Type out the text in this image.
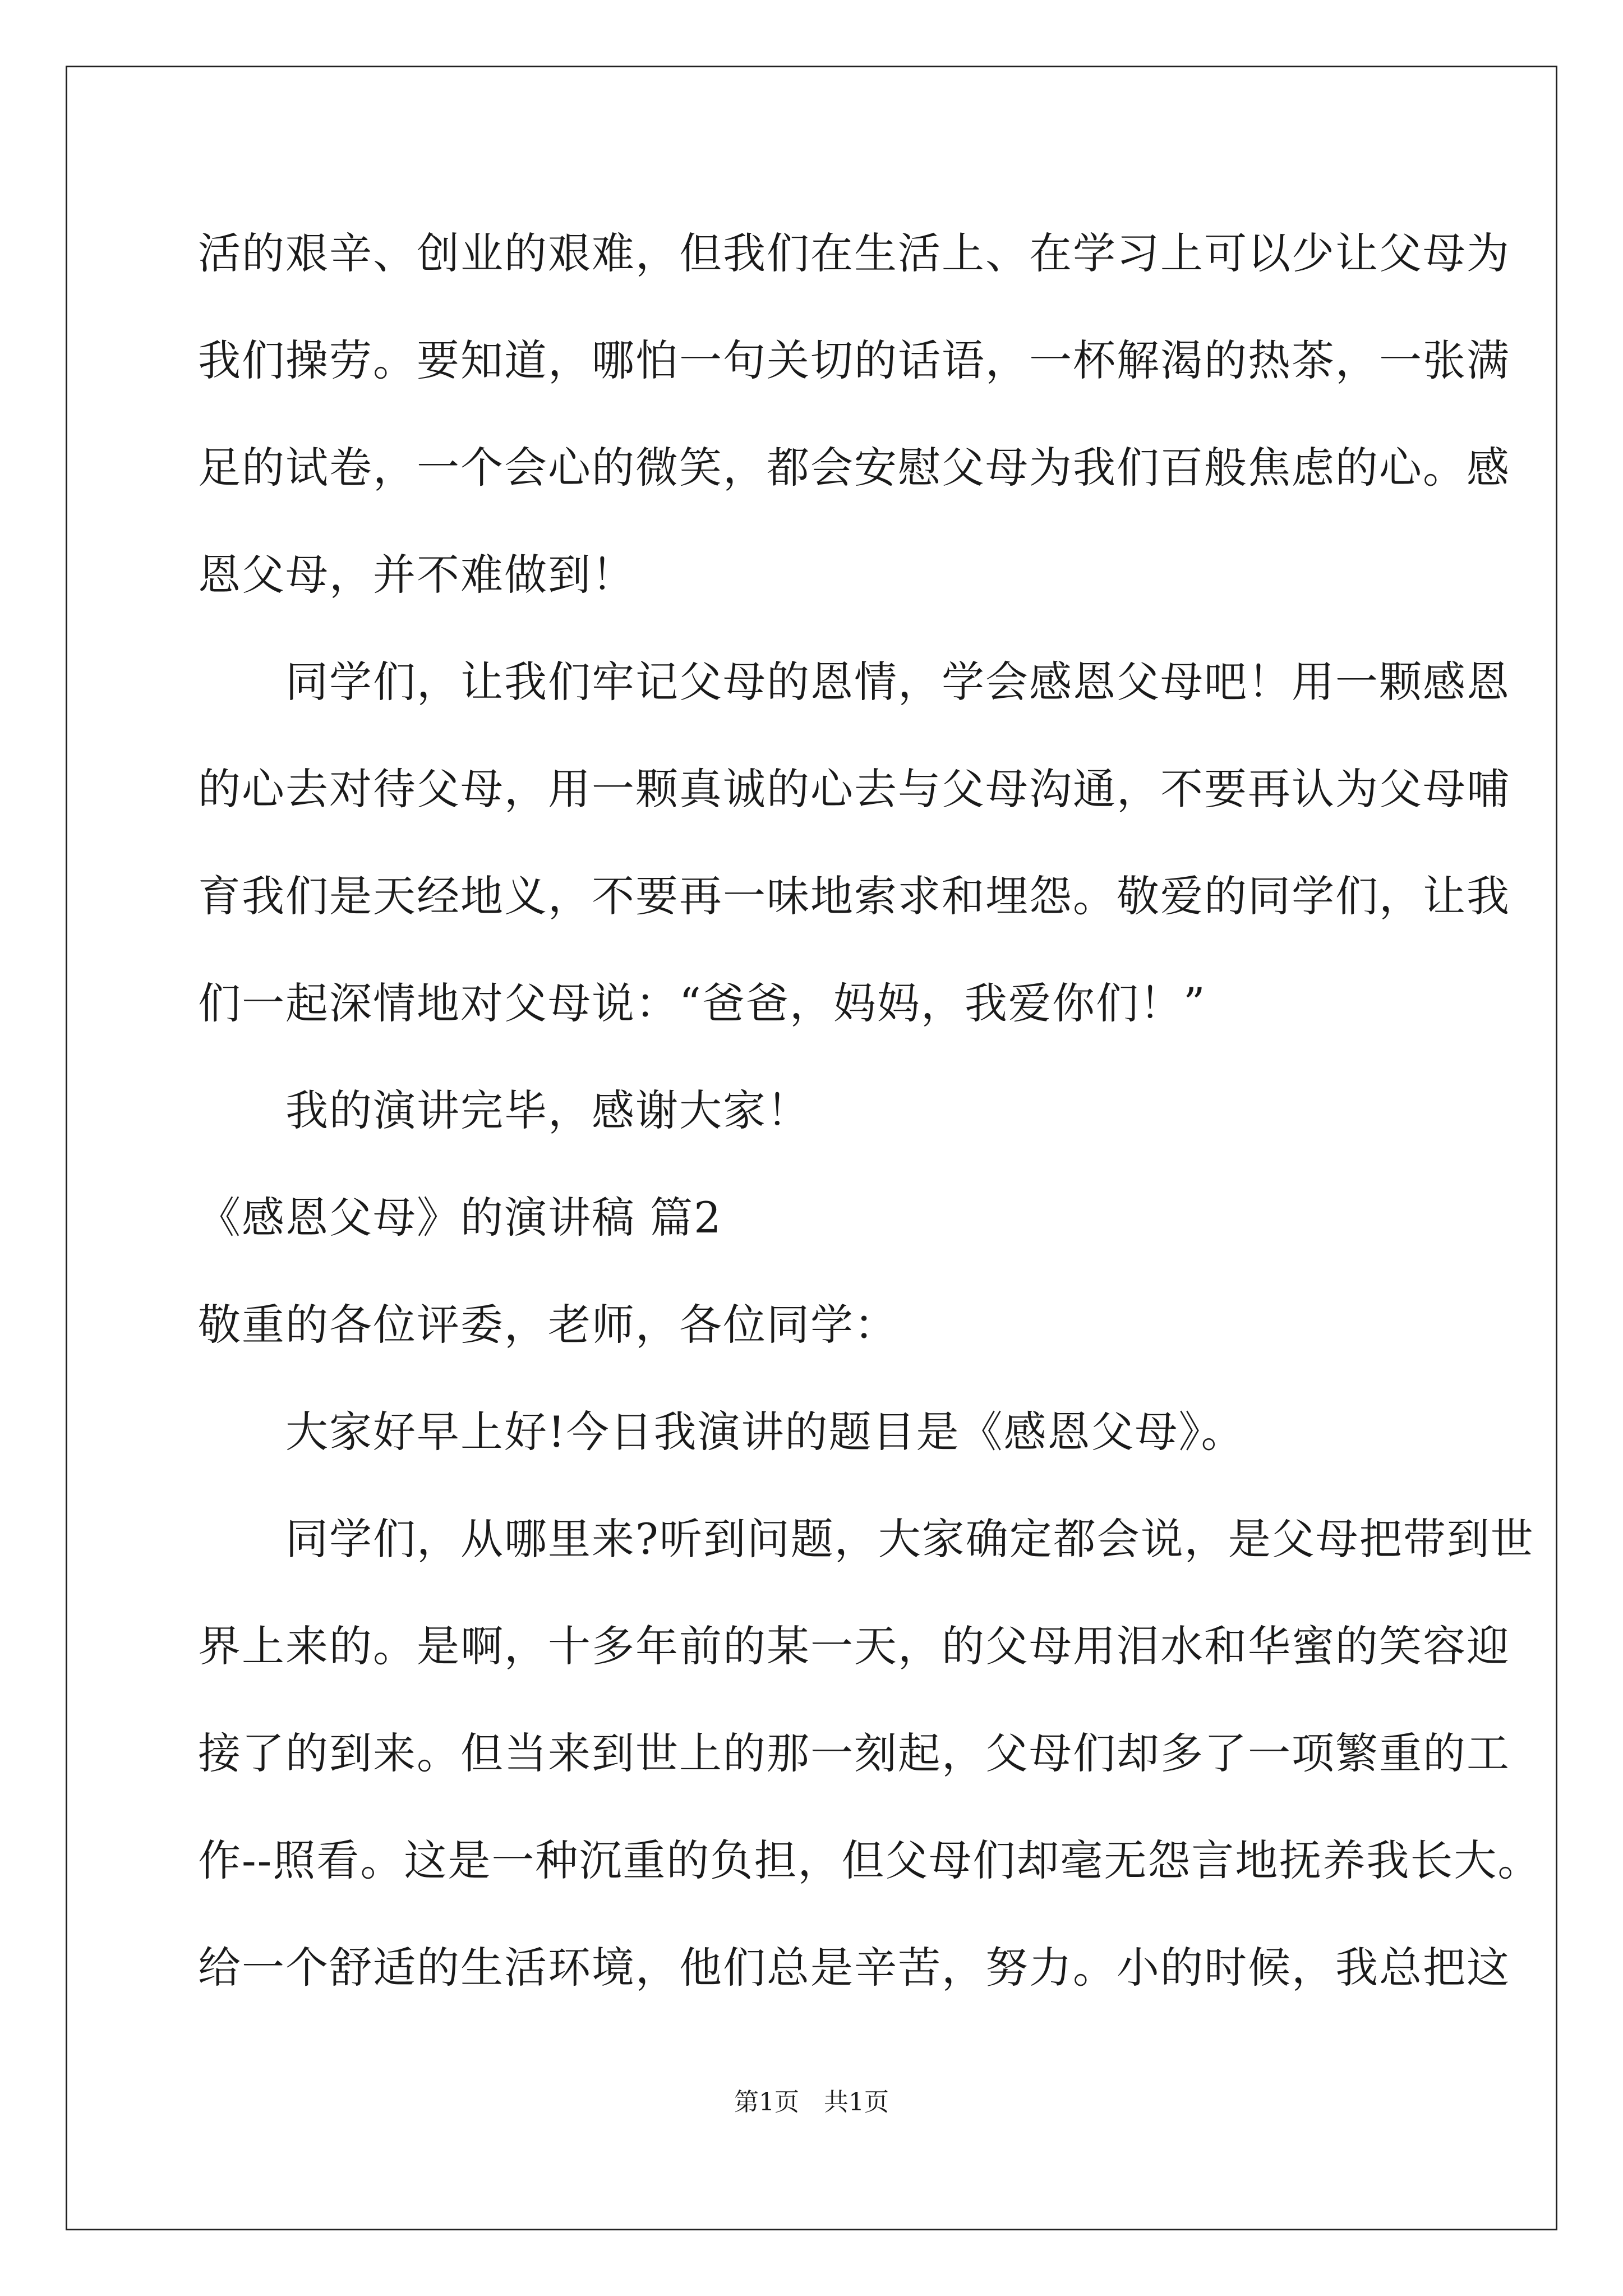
活的艰辛、创业的艰难，但我们在生活上、在学习上可以少让父母为
我们操劳。要知道，哪怕一句关切的话语，一杯解渴的热茶，一张满
足的试卷，一个会心的微笑，都会安慰父母为我们百般焦虑的心。感
恩父母，并不难做到！
　　同学们，让我们牢记父母的恩情，学会感恩父母吧！用一颗感恩
的心去对待父母，用一颗真诚的心去与父母沟通，不要再认为父母哺
育我们是天经地义，不要再一味地索求和埋怨。敬爱的同学们，让我
们一起深情地对父母说：“爸爸，妈妈，我爱你们！”
　　我的演讲完毕，感谢大家！
《感恩父母》的演讲稿 篇2
敬重的各位评委，老师，各位同学：
　　大家好早上好!今日我演讲的题目是《感恩父母》。
　　同学们，从哪里来?听到问题，大家确定都会说，是父母把带到世
界上来的。是啊，十多年前的某一天，的父母用泪水和华蜜的笑容迎
接了的到来。但当来到世上的那一刻起，父母们却多了一项繁重的工
作--照看。这是一种沉重的负担，但父母们却毫无怨言地抚养我长大。
给一个舒适的生活环境，他们总是辛苦，努力。小的时候，我总把这
第1页　共1页
